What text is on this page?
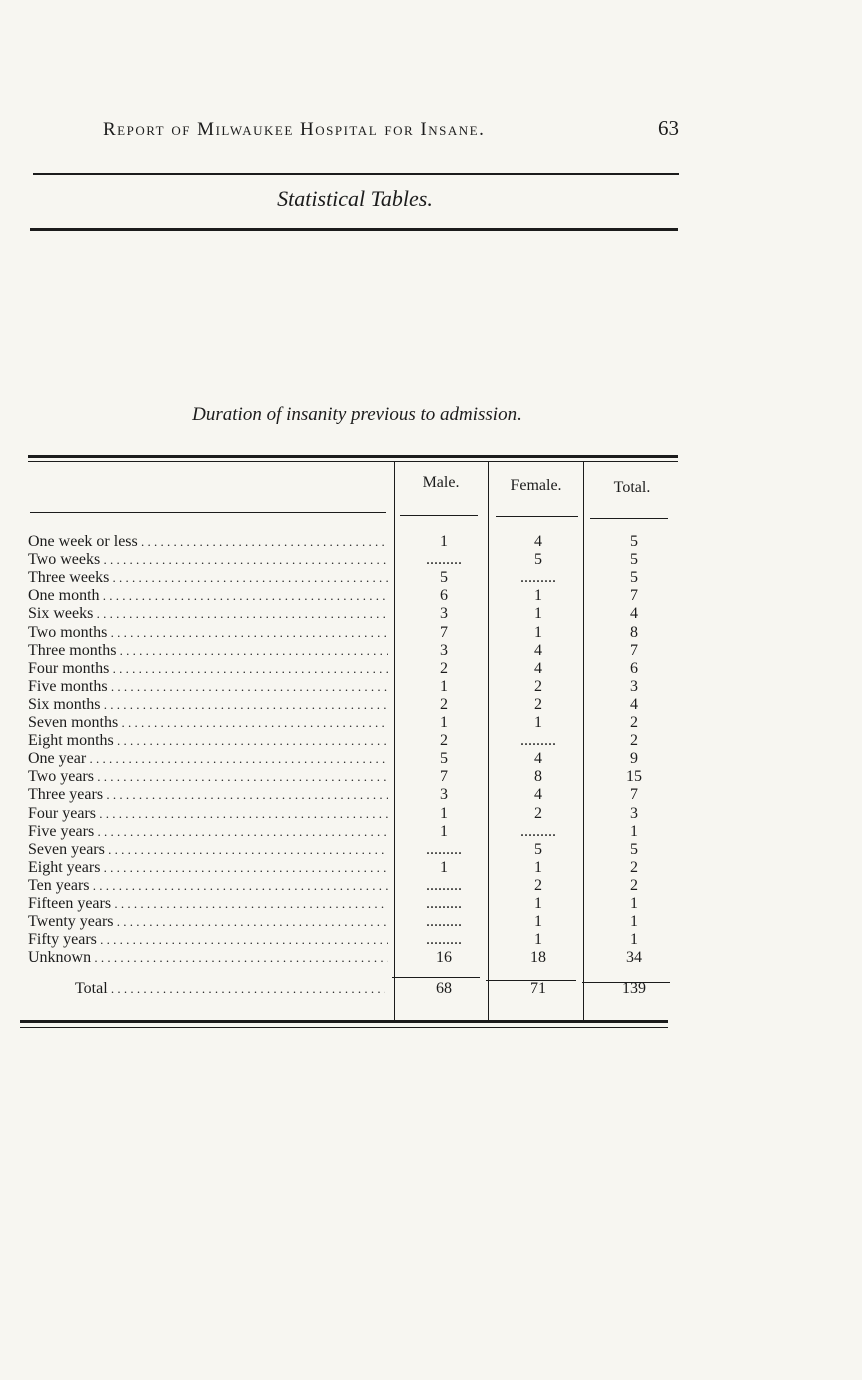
Report of Milwaukee Hospital for Insane.	63
Statistical Tables.
Duration of insanity previous to admission.
Male.	Female.	Total.
One week or less . . .	1	4	5
Two weeks . . .	.........	5	5
Three weeks . . .	5	.........	5
One month . . .	6	1	7
Six weeks . . .	3	1	4
Two months . . .	7	1	8
Three months . . .	3	4	7
Four months . . .	2	4	6
Five months . . .	1	2	3
Six months . . .	2	2	4
Seven months . . .	1	1	2
Eight months . . .	2	.........	2
One year . . .	5	4	9
Two years . . .	7	8	15
Three years . . .	3	4	7
Four years . . .	1	2	3
Five years . . .	1	.........	1
Seven years . . .	.........	5	5
Eight years . . .	1	1	2
Ten years . . .	.........	2	2
Fifteen years . . .	.........	1	1
Twenty years . . .	.........	1	1
Fifty years . . .	.........	1	1
Unknown . . .	16	18	34
Total . . .	68	71	139
